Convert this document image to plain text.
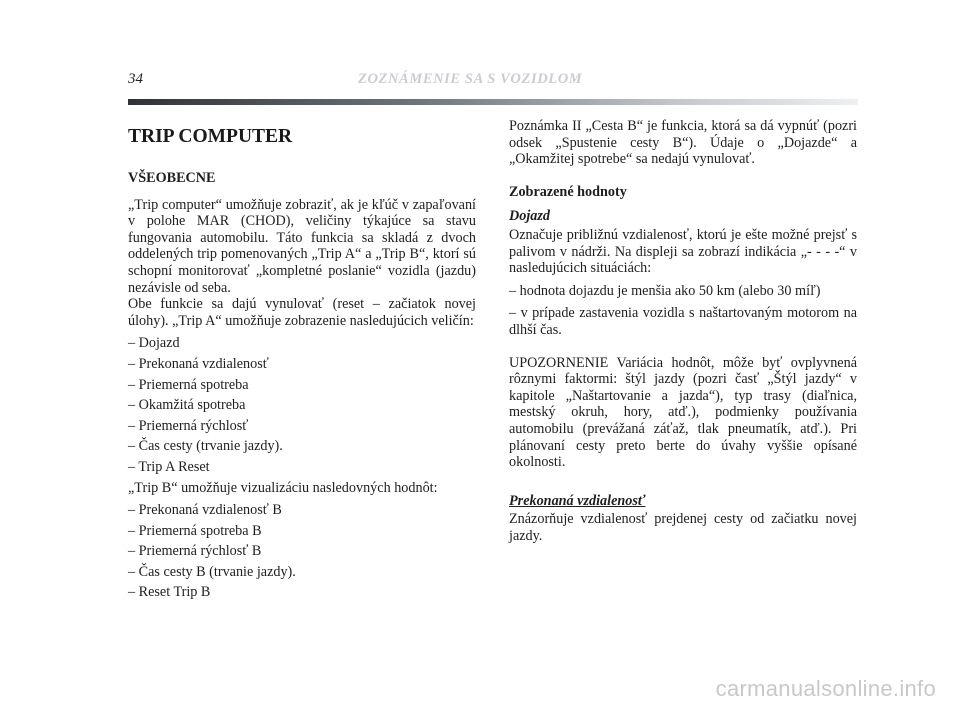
34	ZOZNÁMENIE SA S VOZIDLOM
TRIP COMPUTER
VŠEOBECNE

„Trip computer“ umožňuje zobraziť, ak je kľúč v zapaľovaní v polohe MAR (CHOD), veličiny týkajúce sa stavu fungovania automobilu. Táto funkcia sa skladá z dvoch oddelených trip pomenovaných „Trip A“ a „Trip B“, ktorí sú schopní monitorovať „kompletné poslanie“ vozidla (jazdu) nezávisle od seba.

Obe funkcie sa dajú vynulovať (reset – začiatok novej úlohy). „Trip A“ umožňuje zobrazenie nasledujúcich veličín:

– Dojazd
– Prekonaná vzdialenosť
– Priemerná spotreba
– Okamžitá spotreba
– Priemerná rýchlosť
– Čas cesty (trvanie jazdy).
– Trip A Reset

„Trip B“ umožňuje vizualizáciu nasledovných hodnôt:

– Prekonaná vzdialenosť B
– Priemerná spotreba B
– Priemerná rýchlosť B
– Čas cesty B (trvanie jazdy).
– Reset Trip B

Poznámka II „Cesta B“ je funkcia, ktorá sa dá vypnúť (pozri odsek „Spustenie cesty B“). Údaje o „Dojazde“ a „Okamžitej spotrebe“ sa nedajú vynulovať.

Zobrazené hodnoty
Dojazd

Označuje približnú vzdialenosť, ktorú je ešte možné prejsť s palivom v nádrži. Na displeji sa zobrazí indikácia „- - - -“ v nasledujúcich situáciách:

– hodnota dojazdu je menšia ako 50 km (alebo 30 míľ)

– v prípade zastavenia vozidla s naštartovaným motorom na dlhší čas.

UPOZORNENIE Variácia hodnôt, môže byť ovplyvnená rôznymi faktormi: štýl jazdy (pozri časť „Štýl jazdy“ v kapitole „Naštartovanie a jazda“), typ trasy (diaľnica, mestský okruh, hory, atď.), podmienky používania automobilu (prevážaná záťaž, tlak pneumatík, atď.). Pri plánovaní cesty preto berte do úvahy vyššie opísané okolnosti.

Prekonaná vzdialenosť

Znázorňuje vzdialenosť prejdenej cesty od začiatku novej jazdy.

carmanualsonline.info
